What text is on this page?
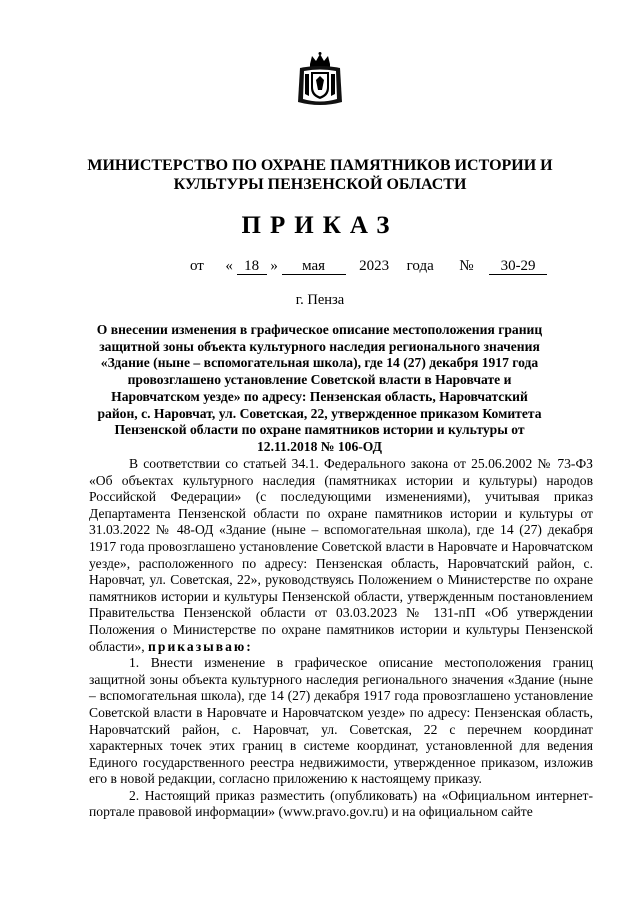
МИНИСТЕРСТВО ПО ОХРАНЕ ПАМЯТНИКОВ ИСТОРИИ И КУЛЬТУРЫ ПЕНЗЕНСКОЙ ОБЛАСТИ
ПРИКАЗ
от « 18 » мая 2023 года № 30-29
г. Пенза
О внесении изменения в графическое описание местоположения границ защитной зоны объекта культурного наследия регионального значения «Здание (ныне – вспомогательная школа), где 14 (27) декабря 1917 года провозглашено установление Советской власти в Наровчате и Наровчатском уезде» по адресу: Пензенская область, Наровчатский район, с. Наровчат, ул. Советская, 22, утвержденное приказом Комитета Пензенской области по охране памятников истории и культуры от 12.11.2018 № 106-ОД

В соответствии со статьей 34.1. Федерального закона от 25.06.2002 № 73-ФЗ «Об объектах культурного наследия (памятниках истории и культуры) народов Российской Федерации» (с последующими изменениями), учитывая приказ Департамента Пензенской области по охране памятников истории и культуры от 31.03.2022 № 48-ОД «Здание (ныне – вспомогательная школа), где 14 (27) декабря 1917 года провозглашено установление Советской власти в Наровчате и Наровчатском уезде», расположенного по адресу: Пензенская область, Наровчатский район, с. Наровчат, ул. Советская, 22», руководствуясь Положением о Министерстве по охране памятников истории и культуры Пензенской области, утвержденным постановлением Правительства Пензенской области от 03.03.2023 № 131-пП «Об утверждении Положения о Министерстве по охране памятников истории и культуры Пензенской области», приказываю:

1. Внести изменение в графическое описание местоположения границ защитной зоны объекта культурного наследия регионального значения «Здание (ныне – вспомогательная школа), где 14 (27) декабря 1917 года провозглашено установление Советской власти в Наровчате и Наровчатском уезде» по адресу: Пензенская область, Наровчатский район, с. Наровчат, ул. Советская, 22 с перечнем координат характерных точек этих границ в системе координат, установленной для ведения Единого государственного реестра недвижимости, утвержденное приказом, изложив его в новой редакции, согласно приложению к настоящему приказу.

2. Настоящий приказ разместить (опубликовать) на «Официальном интернет-портале правовой информации» (www.pravo.gov.ru) и на официальном сайте
